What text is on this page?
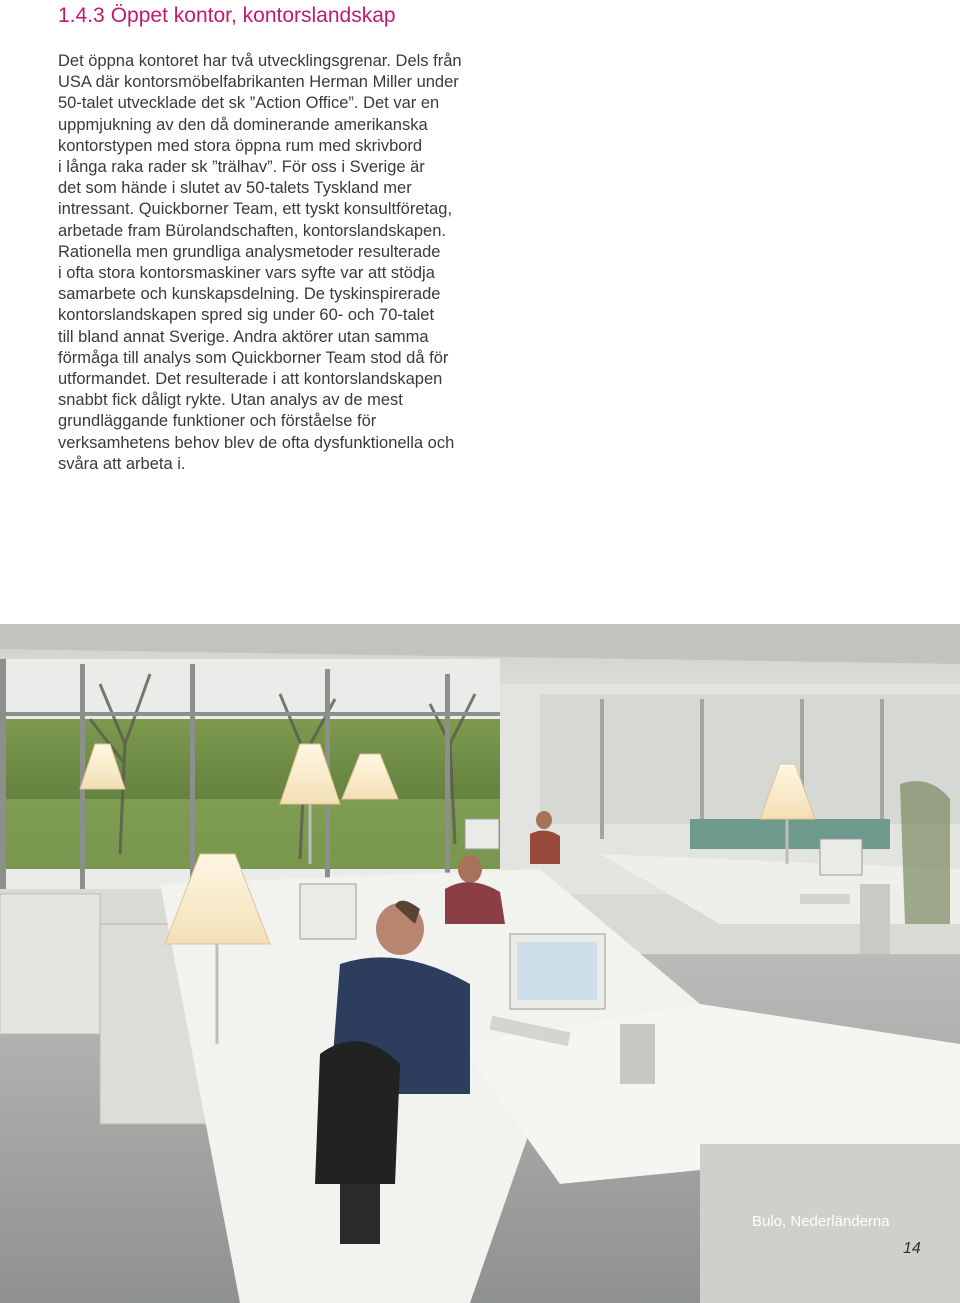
1.4.3 Öppet kontor, kontorslandskap

Det öppna kontoret har två utvecklingsgrenar. Dels från
USA där kontorsmöbelfabrikanten Herman Miller under
50-talet utvecklade det sk ”Action Office”. Det var en
uppmjukning av den då dominerande amerikanska
kontorstypen med stora öppna rum med skrivbord
i långa raka rader sk ”trälhav”. För oss i Sverige är
det som hände i slutet av 50-talets Tyskland mer
intressant. Quickborner Team, ett tyskt konsultföretag,
arbetade fram Bürolandschaften, kontorslandskapen.
Rationella men grundliga analysmetoder resulterade
i ofta stora kontorsmaskiner vars syfte var att stödja
samarbete och kunskapsdelning. De tyskinspirerade
kontorslandskapen spred sig under 60- och 70-talet
till bland annat Sverige. Andra aktörer utan samma
förmåga till analys som Quickborner Team stod då för
utformandet. Det resulterade i att kontorslandskapen
snabbt fick dåligt rykte. Utan analys av de mest
grundläggande funktioner och förståelse för
verksamhetens behov blev de ofta dysfunktionella och
svåra att arbeta i.

Bulo, Nederländerna
14
